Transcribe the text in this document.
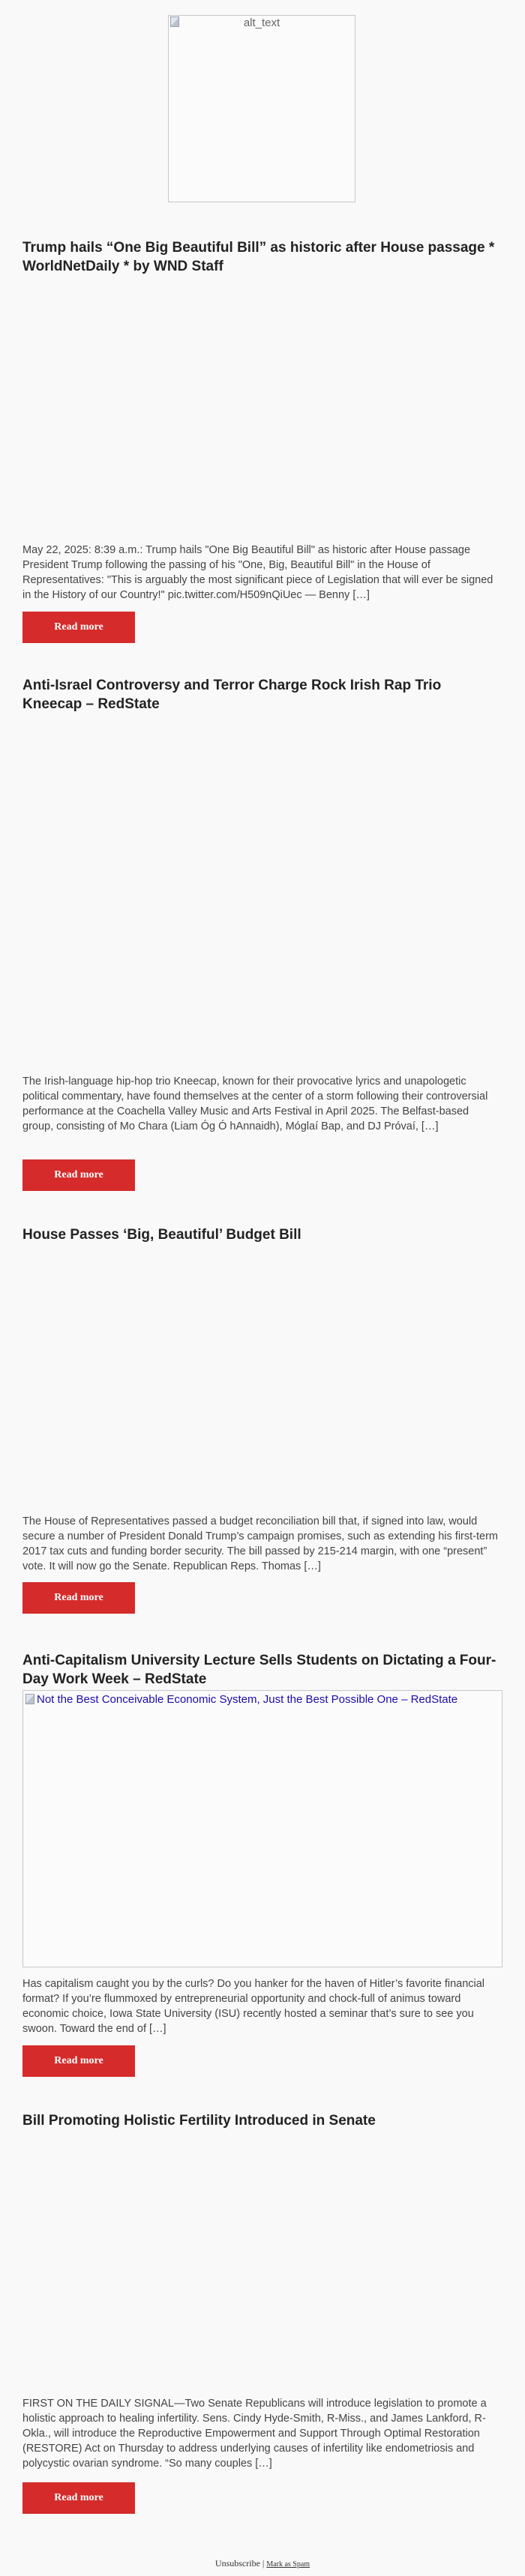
alt_text
Trump hails “One Big Beautiful Bill” as historic after House passage * WorldNetDaily * by WND Staff

May 22, 2025: 8:39 a.m.: Trump hails "One Big Beautiful Bill" as historic after House passage President Trump following the passing of his "One, Big, Beautiful Bill" in the House of Representatives: "This is arguably the most significant piece of Legislation that will ever be signed in the History of our Country!" pic.twitter.com/H509nQiUec — Benny […]

Read more
Anti-Israel Controversy and Terror Charge Rock Irish Rap Trio Kneecap – RedState

The Irish-language hip-hop trio Kneecap, known for their provocative lyrics and unapologetic political commentary, have found themselves at the center of a storm following their controversial performance at the Coachella Valley Music and Arts Festival in April 2025. The Belfast-based group, consisting of Mo Chara (Liam Óg Ó hAnnaidh), Móglaí Bap, and DJ Próvaí, […]

Read more
House Passes ‘Big, Beautiful’ Budget Bill

The House of Representatives passed a budget reconciliation bill that, if signed into law, would secure a number of President Donald Trump’s campaign promises, such as extending his first-term 2017 tax cuts and funding border security. The bill passed by 215-214 margin, with one “present” vote. It will now go the Senate. Republican Reps. Thomas […]

Read more
Anti-Capitalism University Lecture Sells Students on Dictating a Four-Day Work Week – RedState
Not the Best Conceivable Economic System, Just the Best Possible One – RedState

Has capitalism caught you by the curls? Do you hanker for the haven of Hitler’s favorite financial format? If you’re flummoxed by entrepreneurial opportunity and chock-full of animus toward economic choice, Iowa State University (ISU) recently hosted a seminar that’s sure to see you swoon. Toward the end of […]

Read more
Bill Promoting Holistic Fertility Introduced in Senate

FIRST ON THE DAILY SIGNAL—Two Senate Republicans will introduce legislation to promote a holistic approach to healing infertility. Sens. Cindy Hyde-Smith, R-Miss., and James Lankford, R-Okla., will introduce the Reproductive Empowerment and Support Through Optimal Restoration (RESTORE) Act on Thursday to address underlying causes of infertility like endometriosis and polycystic ovarian syndrome. “So many couples […]

Read more
Unsubscribe | Mark as Spam
